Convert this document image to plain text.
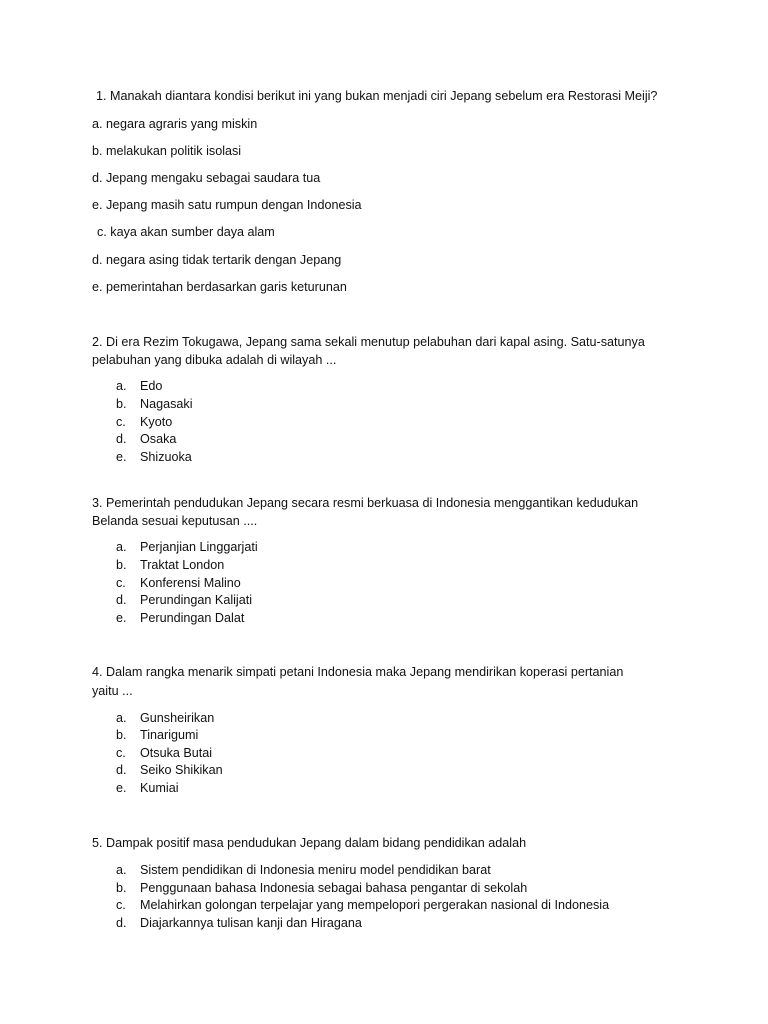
1. Manakah diantara kondisi berikut ini yang bukan menjadi ciri Jepang sebelum era Restorasi Meiji?
a. negara agraris yang miskin
b. melakukan politik isolasi
d. Jepang mengaku sebagai saudara tua
e. Jepang masih satu rumpun dengan Indonesia
c. kaya akan sumber daya alam
d. negara asing tidak tertarik dengan Jepang
e. pemerintahan berdasarkan garis keturunan
2. Di era Rezim Tokugawa, Jepang sama sekali menutup pelabuhan dari kapal asing. Satu-satunya
pelabuhan yang dibuka adalah di wilayah ...
a. Edo
b. Nagasaki
c. Kyoto
d. Osaka
e. Shizuoka
3. Pemerintah pendudukan Jepang secara resmi berkuasa di Indonesia menggantikan kedudukan
Belanda sesuai keputusan ....
a. Perjanjian Linggarjati
b. Traktat London
c. Konferensi Malino
d. Perundingan Kalijati
e. Perundingan Dalat
4. Dalam rangka menarik simpati petani Indonesia maka Jepang mendirikan koperasi pertanian
yaitu ...
a. Gunsheirikan
b. Tinarigumi
c. Otsuka Butai
d. Seiko Shikikan
e. Kumiai
5. Dampak positif masa pendudukan Jepang dalam bidang pendidikan adalah
a. Sistem pendidikan di Indonesia meniru model pendidikan barat
b. Penggunaan bahasa Indonesia sebagai bahasa pengantar di sekolah
c. Melahirkan golongan terpelajar yang mempelopori pergerakan nasional di Indonesia
d. Diajarkannya tulisan kanji dan Hiragana
